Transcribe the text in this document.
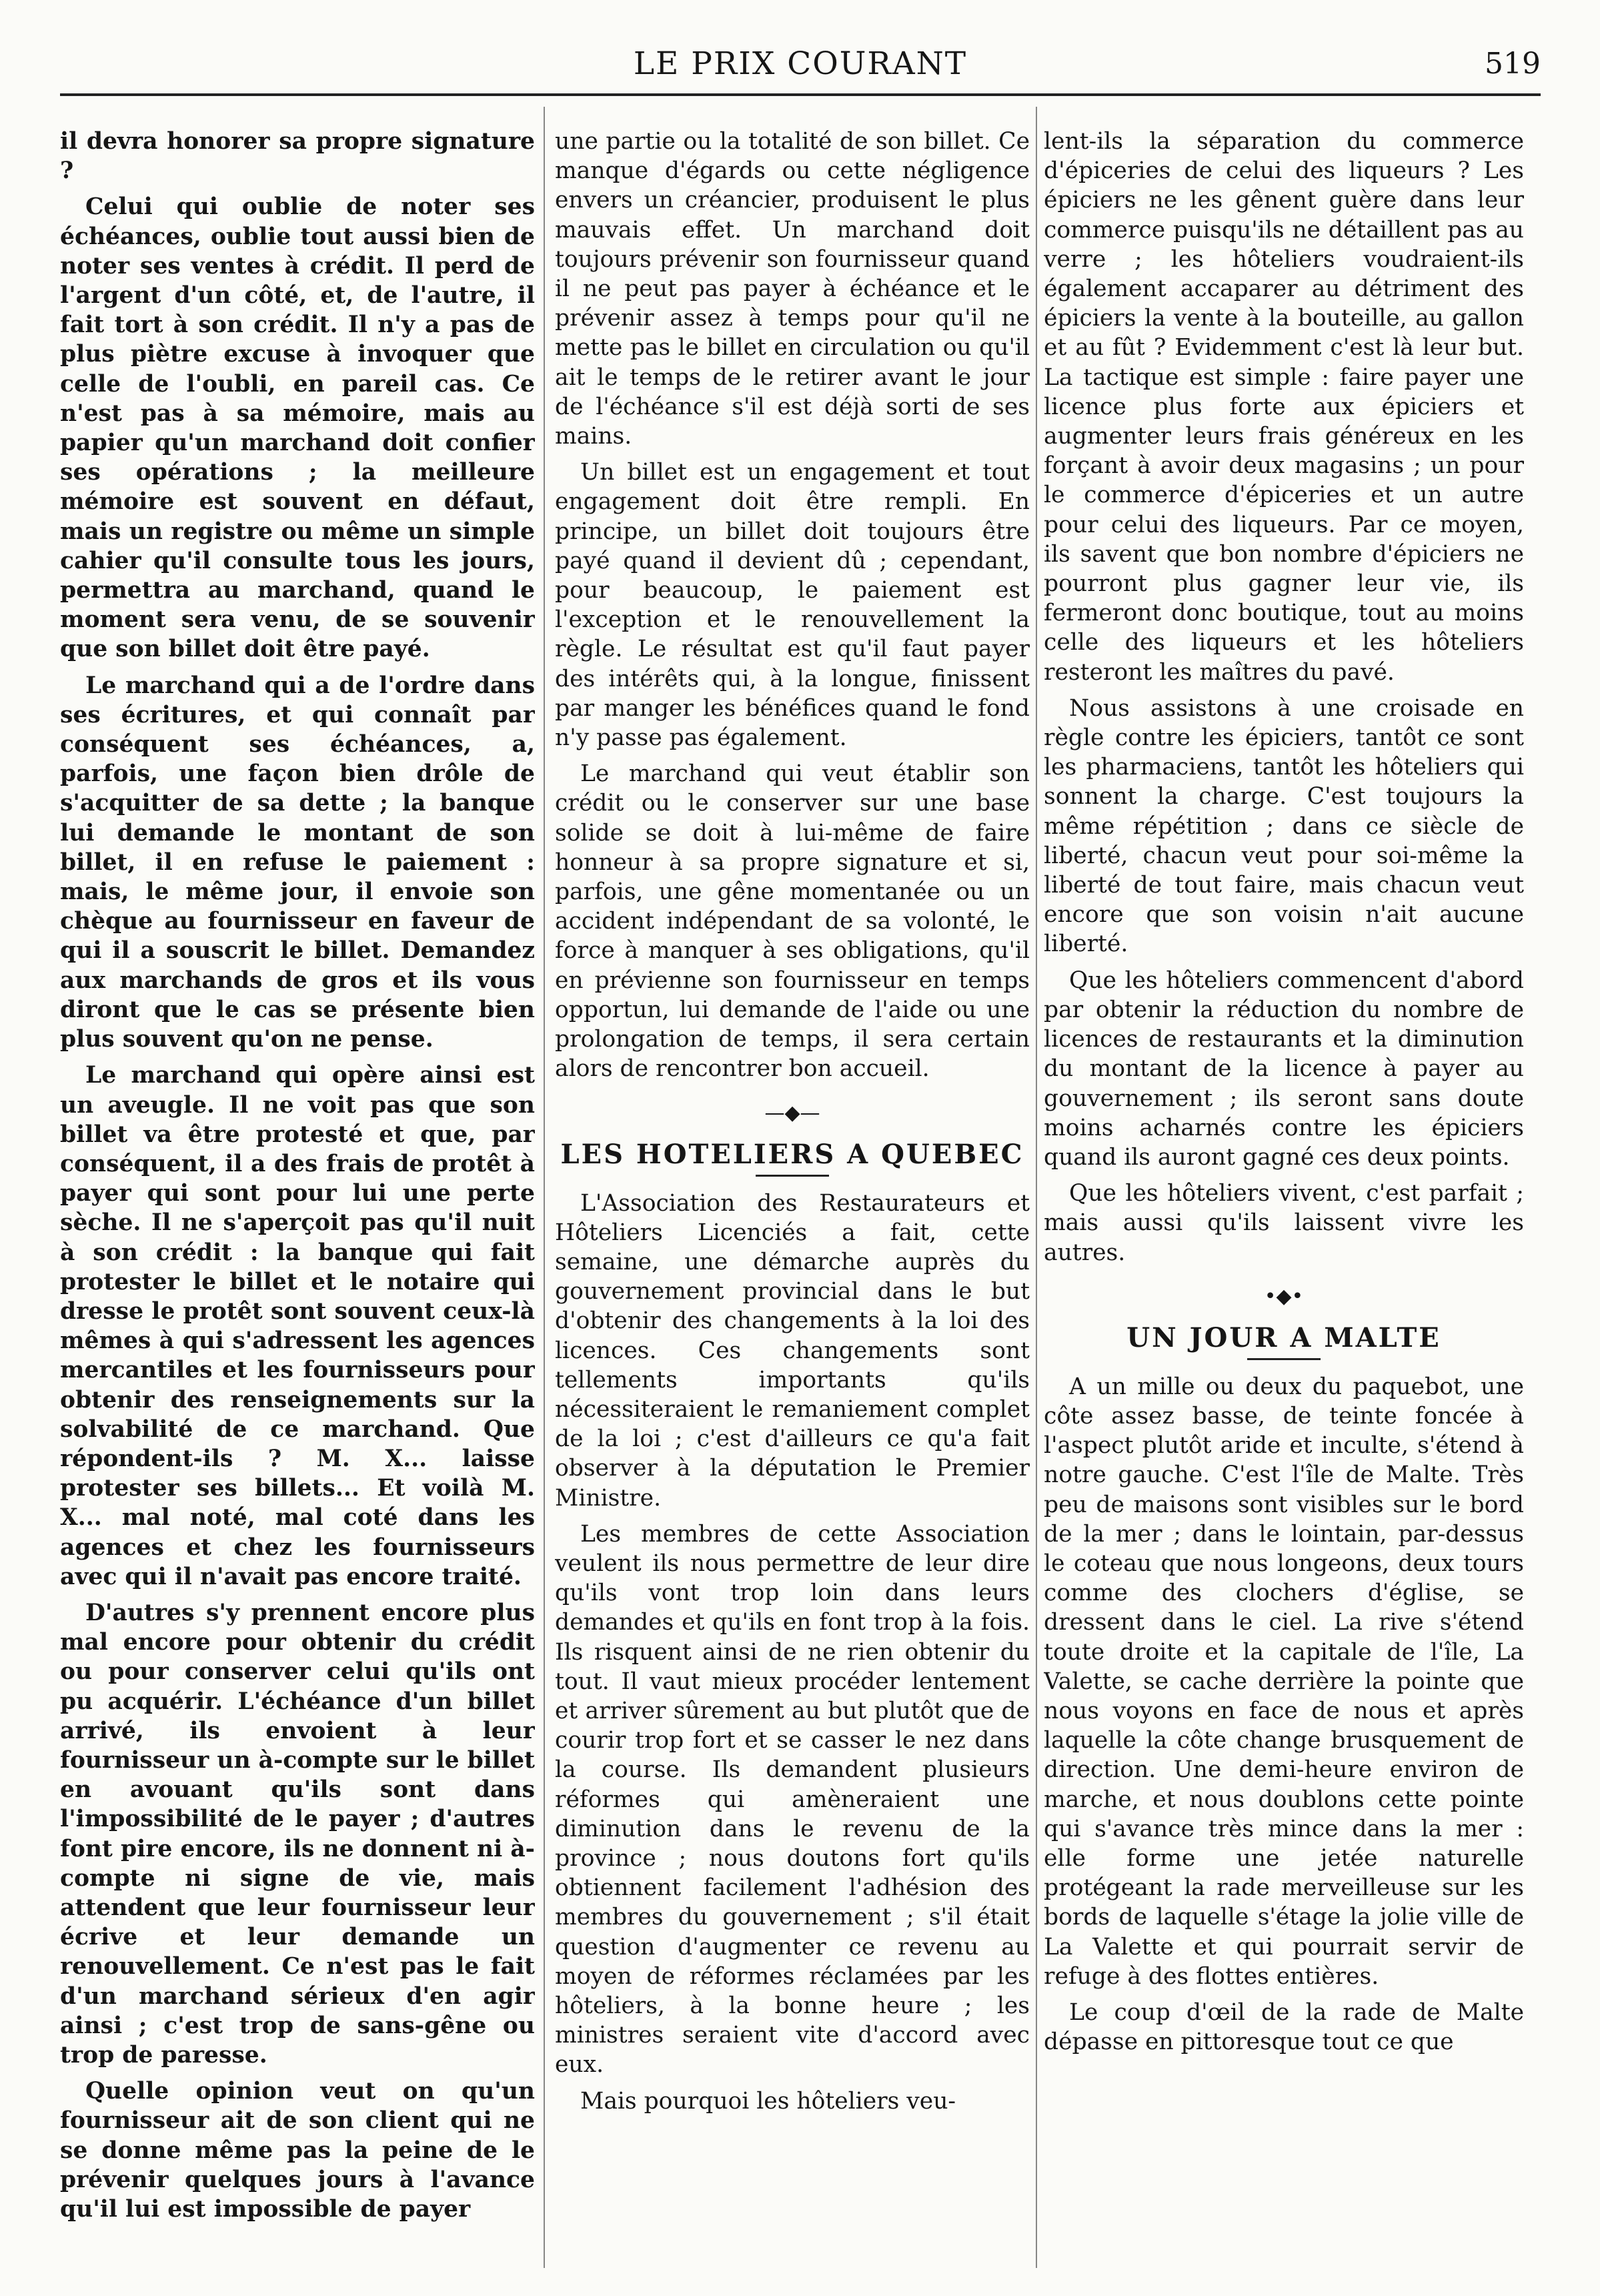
LE PRIX COURANT	519

il devra honorer sa propre signature ?

Celui qui oublie de noter ses échéances, oublie tout aussi bien de noter ses ventes à crédit. Il perd de l'argent d'un côté, et, de l'autre, il fait tort à son crédit. Il n'y a pas de plus piètre excuse à invoquer que celle de l'oubli, en pareil cas. Ce n'est pas à sa mémoire, mais au papier qu'un marchand doit confier ses opérations ; la meilleure mémoire est souvent en défaut, mais un registre ou même un simple cahier qu'il consulte tous les jours, permettra au marchand, quand le moment sera venu, de se souvenir que son billet doit être payé.

Le marchand qui a de l'ordre dans ses écritures, et qui connaît par conséquent ses échéances, a, parfois, une façon bien drôle de s'acquitter de sa dette ; la banque lui demande le montant de son billet, il en refuse le paiement : mais, le même jour, il envoie son chèque au fournisseur en faveur de qui il a souscrit le billet. Demandez aux marchands de gros et ils vous diront que le cas se présente bien plus souvent qu'on ne pense.

Le marchand qui opère ainsi est un aveugle. Il ne voit pas que son billet va être protesté et que, par conséquent, il a des frais de protêt à payer qui sont pour lui une perte sèche. Il ne s'aperçoit pas qu'il nuit à son crédit : la banque qui fait protester le billet et le notaire qui dresse le protêt sont souvent ceux-là mêmes à qui s'adressent les agences mercantiles et les fournisseurs pour obtenir des renseignements sur la solvabilité de ce marchand. Que répondent-ils ? M. X... laisse protester ses billets... Et voilà M. X... mal noté, mal coté dans les agences et chez les fournisseurs avec qui il n'avait pas encore traité.

D'autres s'y prennent encore plus mal encore pour obtenir du crédit ou pour conserver celui qu'ils ont pu acquérir. L'échéance d'un billet arrivé, ils envoient à leur fournisseur un à-compte sur le billet en avouant qu'ils sont dans l'impossibilité de le payer ; d'autres font pire encore, ils ne donnent ni à-compte ni signe de vie, mais attendent que leur fournisseur leur écrive et leur demande un renouvellement. Ce n'est pas le fait d'un marchand sérieux d'en agir ainsi ; c'est trop de sans-gêne ou trop de paresse.

Quelle opinion veut on qu'un fournisseur ait de son client qui ne se donne même pas la peine de le prévenir quelques jours à l'avance qu'il lui est impossible de payer

une partie ou la totalité de son billet. Ce manque d'égards ou cette négligence envers un créancier, produisent le plus mauvais effet. Un marchand doit toujours prévenir son fournisseur quand il ne peut pas payer à échéance et le prévenir assez à temps pour qu'il ne mette pas le billet en circulation ou qu'il ait le temps de le retirer avant le jour de l'échéance s'il est déjà sorti de ses mains.

Un billet est un engagement et tout engagement doit être rempli. En principe, un billet doit toujours être payé quand il devient dû ; cependant, pour beaucoup, le paiement est l'exception et le renouvellement la règle. Le résultat est qu'il faut payer des intérêts qui, à la longue, finissent par manger les bénéfices quand le fond n'y passe pas également.

Le marchand qui veut établir son crédit ou le conserver sur une base solide se doit à lui-même de faire honneur à sa propre signature et si, parfois, une gêne momentanée ou un accident indépendant de sa volonté, le force à manquer à ses obligations, qu'il en prévienne son fournisseur en temps opportun, lui demande de l'aide ou une prolongation de temps, il sera certain alors de rencontrer bon accueil.

—◆—
LES HOTELIERS A QUEBEC

L'Association des Restaurateurs et Hôteliers Licenciés a fait, cette semaine, une démarche auprès du gouvernement provincial dans le but d'obtenir des changements à la loi des licences. Ces changements sont tellements importants qu'ils nécessiteraient le remaniement complet de la loi ; c'est d'ailleurs ce qu'a fait observer à la députation le Premier Ministre.

Les membres de cette Association veulent ils nous permettre de leur dire qu'ils vont trop loin dans leurs demandes et qu'ils en font trop à la fois. Ils risquent ainsi de ne rien obtenir du tout. Il vaut mieux procéder lentement et arriver sûrement au but plutôt que de courir trop fort et se casser le nez dans la course. Ils demandent plusieurs réformes qui amèneraient une diminution dans le revenu de la province ; nous doutons fort qu'ils obtiennent facilement l'adhésion des membres du gouvernement ; s'il était question d'augmenter ce revenu au moyen de réformes réclamées par les hôteliers, à la bonne heure ; les ministres seraient vite d'accord avec eux.

Mais pourquoi les hôteliers veu-

lent-ils la séparation du commerce d'épiceries de celui des liqueurs ? Les épiciers ne les gênent guère dans leur commerce puisqu'ils ne détaillent pas au verre ; les hôteliers voudraient-ils également accaparer au détriment des épiciers la vente à la bouteille, au gallon et au fût ? Evidemment c'est là leur but. La tactique est simple : faire payer une licence plus forte aux épiciers et augmenter leurs frais généreux en les forçant à avoir deux magasins ; un pour le commerce d'épiceries et un autre pour celui des liqueurs. Par ce moyen, ils savent que bon nombre d'épiciers ne pourront plus gagner leur vie, ils fermeront donc boutique, tout au moins celle des liqueurs et les hôteliers resteront les maîtres du pavé.

Nous assistons à une croisade en règle contre les épiciers, tantôt ce sont les pharmaciens, tantôt les hôteliers qui sonnent la charge. C'est toujours la même répétition ; dans ce siècle de liberté, chacun veut pour soi-même la liberté de tout faire, mais chacun veut encore que son voisin n'ait aucune liberté.

Que les hôteliers commencent d'abord par obtenir la réduction du nombre de licences de restaurants et la diminution du montant de la licence à payer au gouvernement ; ils seront sans doute moins acharnés contre les épiciers quand ils auront gagné ces deux points.

Que les hôteliers vivent, c'est parfait ; mais aussi qu'ils laissent vivre les autres.

•◆•
UN JOUR A MALTE

A un mille ou deux du paquebot, une côte assez basse, de teinte foncée à l'aspect plutôt aride et inculte, s'étend à notre gauche. C'est l'île de Malte. Très peu de maisons sont visibles sur le bord de la mer ; dans le lointain, par-dessus le coteau que nous longeons, deux tours comme des clochers d'église, se dressent dans le ciel. La rive s'étend toute droite et la capitale de l'île, La Valette, se cache derrière la pointe que nous voyons en face de nous et après laquelle la côte change brusquement de direction. Une demi-heure environ de marche, et nous doublons cette pointe qui s'avance très mince dans la mer : elle forme une jetée naturelle protégeant la rade merveilleuse sur les bords de laquelle s'étage la jolie ville de La Valette et qui pourrait servir de refuge à des flottes entières.

Le coup d'œil de la rade de Malte dépasse en pittoresque tout ce que
